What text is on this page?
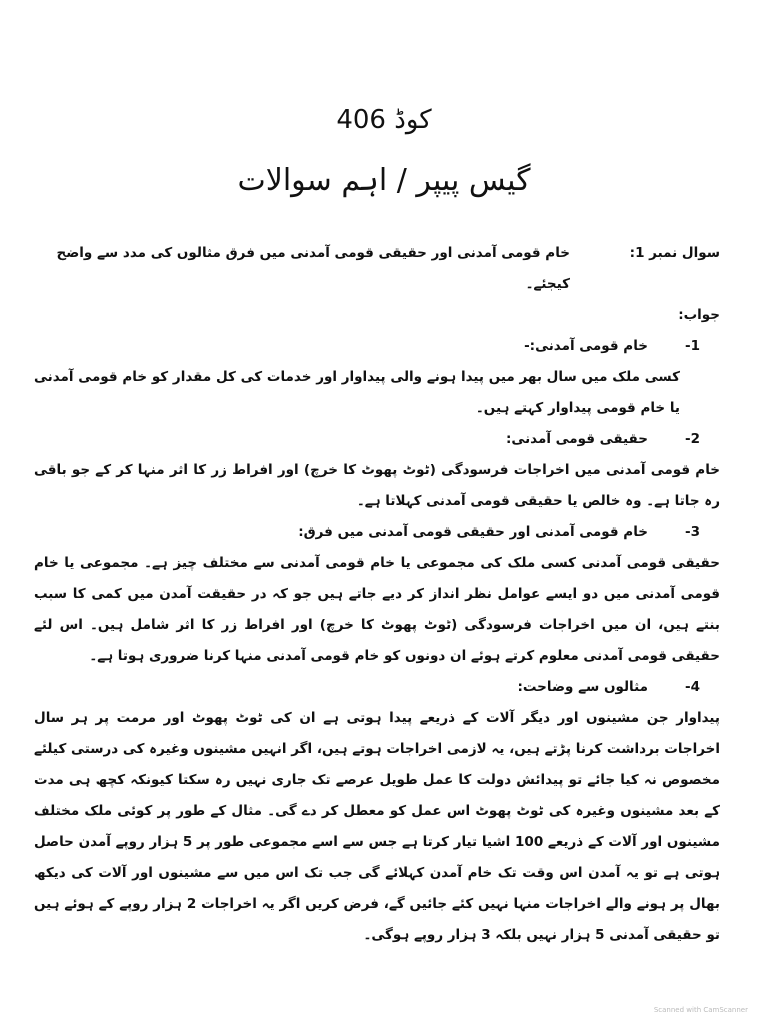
کوڈ 406
گیس پیپر / اہم سوالات
سوال نمبر 1:
خام قومی آمدنی اور حقیقی قومی آمدنی میں فرق مثالوں کی مدد سے واضح کیجئے۔
جواب:
-1
خام قومی آمدنی:-
کسی ملک میں سال بھر میں پیدا ہونے والی پیداوار اور خدمات کی کل مقدار کو خام قومی آمدنی یا خام قومی پیداوار کہتے ہیں۔
-2
حقیقی قومی آمدنی:
خام قومی آمدنی میں اخراجات فرسودگی (ٹوٹ پھوٹ کا خرچ) اور افراط زر کا اثر منہا کر کے جو باقی رہ جاتا ہے۔ وہ خالص یا حقیقی قومی آمدنی کہلاتا ہے۔
-3
خام قومی آمدنی اور حقیقی قومی آمدنی میں فرق:
حقیقی قومی آمدنی کسی ملک کی مجموعی یا خام قومی آمدنی سے مختلف چیز ہے۔ مجموعی یا خام قومی آمدنی میں دو ایسے عوامل نظر انداز کر دیے جاتے ہیں جو کہ در حقیقت آمدن میں کمی کا سبب بنتے ہیں، ان میں اخراجات فرسودگی (ٹوٹ پھوٹ کا خرچ) اور افراط زر کا اثر شامل ہیں۔ اس لئے حقیقی قومی آمدنی معلوم کرتے ہوئے ان دونوں کو خام قومی آمدنی منہا کرنا ضروری ہوتا ہے۔
-4
مثالوں سے وضاحت:
پیداوار جن مشینوں اور دیگر آلات کے ذریعے پیدا ہوتی ہے ان کی ٹوٹ پھوٹ اور مرمت پر ہر سال اخراجات برداشت کرنا پڑتے ہیں، یہ لازمی اخراجات ہوتے ہیں، اگر انہیں مشینوں وغیرہ کی درستی کیلئے مخصوص نہ کیا جائے تو پیدائش دولت کا عمل طویل عرصے تک جاری نہیں رہ سکتا کیونکہ کچھ ہی مدت کے بعد مشینوں وغیرہ کی ٹوٹ پھوٹ اس عمل کو معطل کر دے گی۔ مثال کے طور پر کوئی ملک مختلف مشینوں اور آلات کے ذریعے 100 اشیا تیار کرتا ہے جس سے اسے مجموعی طور پر 5 ہزار روپے آمدن حاصل ہوتی ہے تو یہ آمدن اس وقت تک خام آمدن کہلائے گی جب تک اس میں سے مشینوں اور آلات کی دیکھ بھال پر ہونے والے اخراجات منہا نہیں کئے جائیں گے، فرض کریں اگر یہ اخراجات 2 ہزار روپے کے ہوئے ہیں تو حقیقی آمدنی 5 ہزار نہیں بلکہ 3 ہزار روپے ہوگی۔
Scanned with CamScanner
